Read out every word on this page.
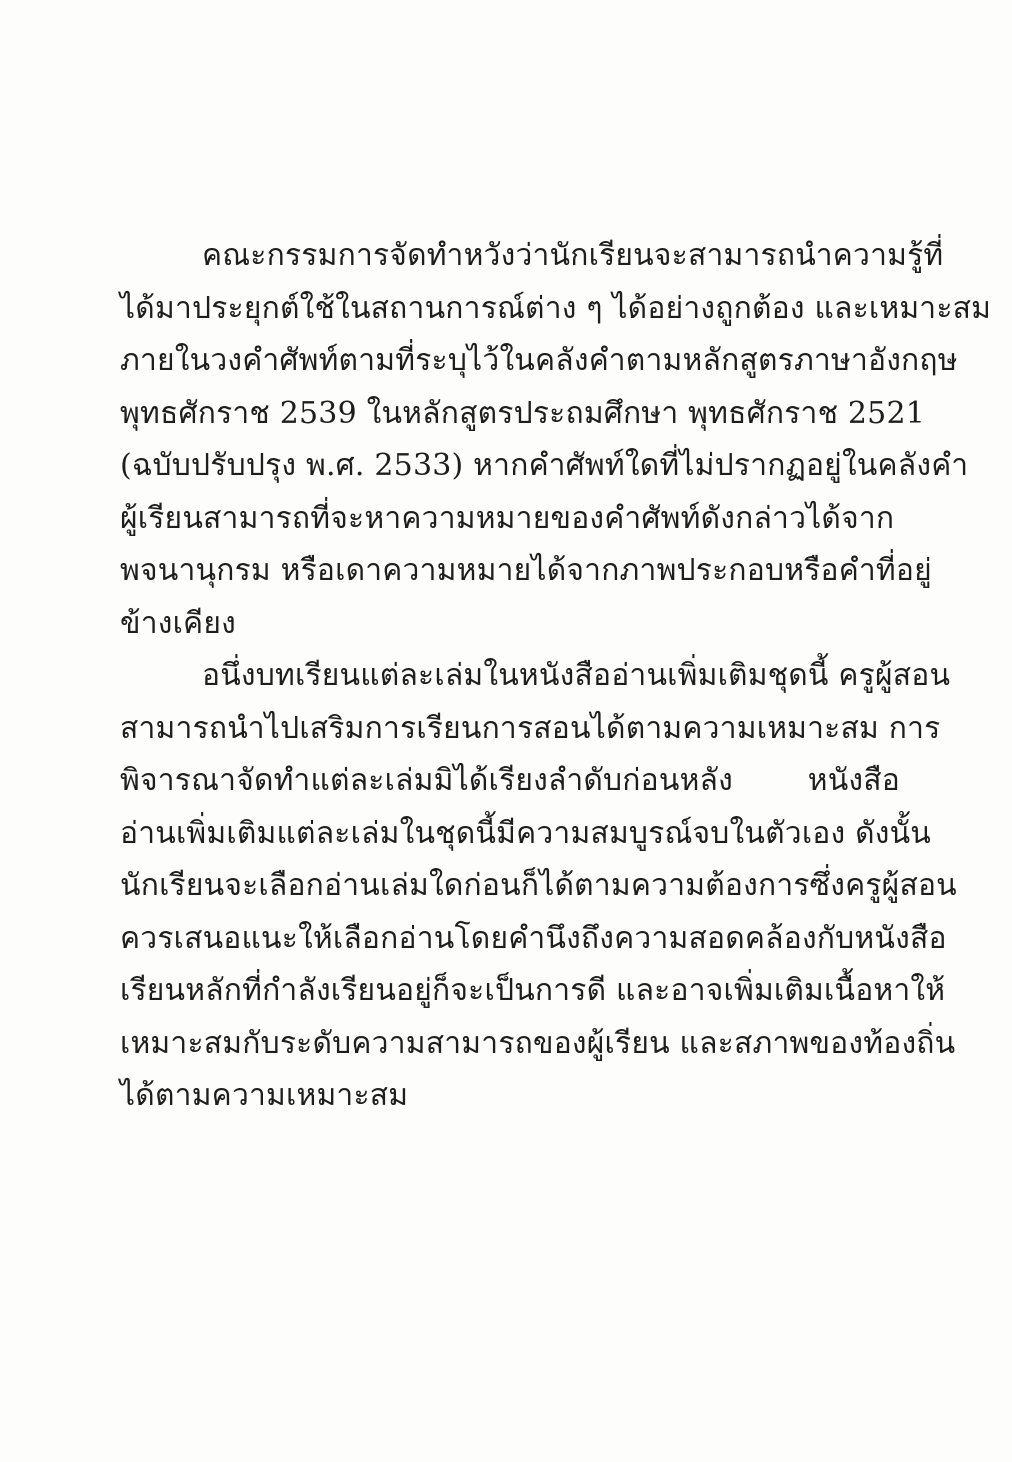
คณะกรรมการจัดทำหวังว่านักเรียนจะสามารถนำความรู้ที่
ได้มาประยุกต์ใช้ในสถานการณ์ต่าง ๆ ได้อย่างถูกต้อง และเหมาะสม
ภายในวงคำศัพท์ตามที่ระบุไว้ในคลังคำตามหลักสูตรภาษาอังกฤษ
พุทธศักราช 2539 ในหลักสูตรประถมศึกษา พุทธศักราช 2521
(ฉบับปรับปรุง พ.ศ. 2533) หากคำศัพท์ใดที่ไม่ปรากฏอยู่ในคลังคำ
ผู้เรียนสามารถที่จะหาความหมายของคำศัพท์ดังกล่าวได้จาก
พจนานุกรม หรือเดาความหมายได้จากภาพประกอบหรือคำที่อยู่
ข้างเคียง
อนึ่งบทเรียนแต่ละเล่มในหนังสืออ่านเพิ่มเติมชุดนี้ ครูผู้สอน
สามารถนำไปเสริมการเรียนการสอนได้ตามความเหมาะสม การ
พิจารณาจัดทำแต่ละเล่มมิได้เรียงลำดับก่อนหลัง      หนังสือ
อ่านเพิ่มเติมแต่ละเล่มในชุดนี้มีความสมบูรณ์จบในตัวเอง ดังนั้น
นักเรียนจะเลือกอ่านเล่มใดก่อนก็ได้ตามความต้องการซึ่งครูผู้สอน
ควรเสนอแนะให้เลือกอ่านโดยคำนึงถึงความสอดคล้องกับหนังสือ
เรียนหลักที่กำลังเรียนอยู่ก็จะเป็นการดี และอาจเพิ่มเติมเนื้อหาให้
เหมาะสมกับระดับความสามารถของผู้เรียน และสภาพของท้องถิ่น
ได้ตามความเหมาะสม
